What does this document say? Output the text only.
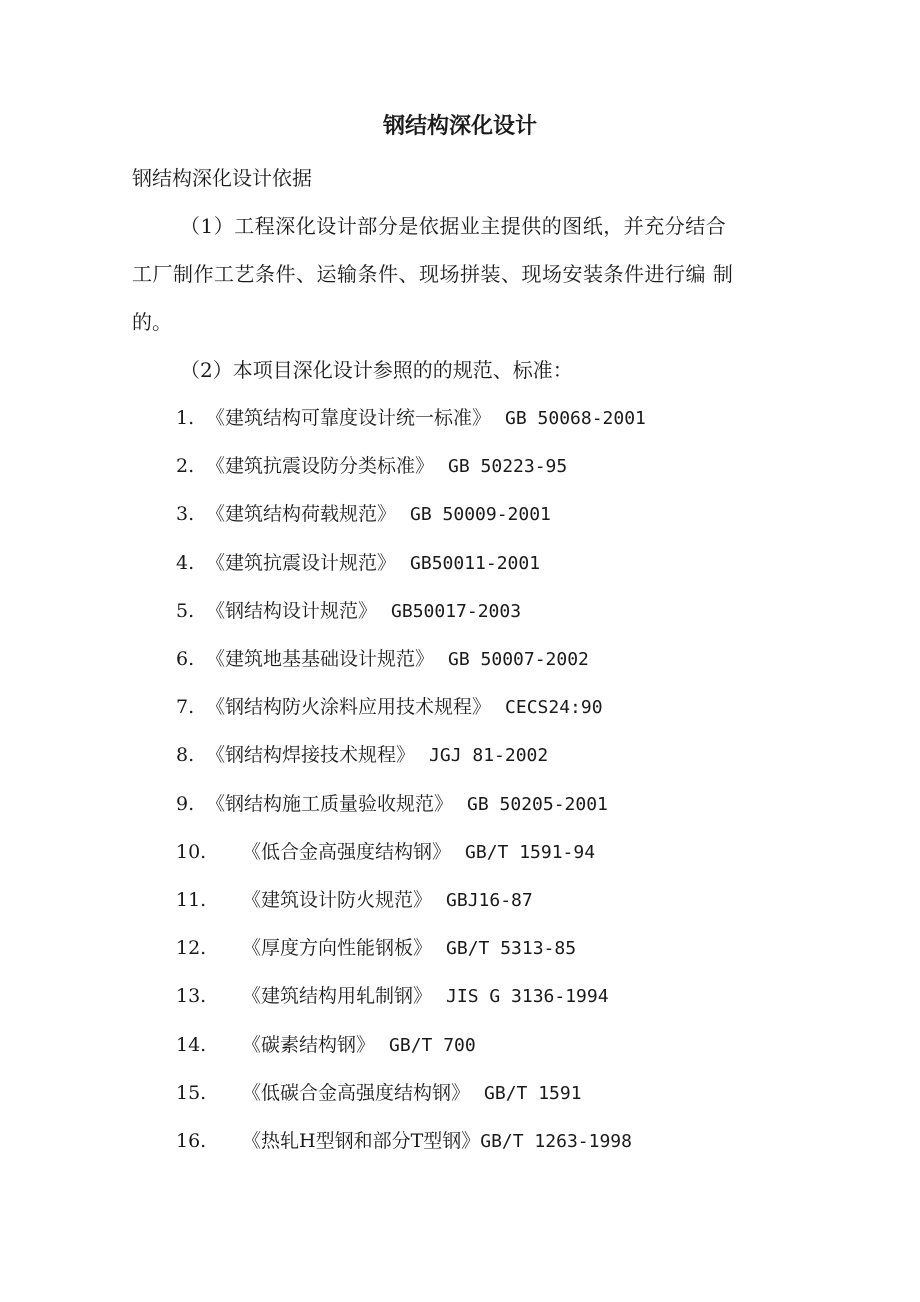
钢结构深化设计
钢结构深化设计依据
（1）工程深化设计部分是依据业主提供的图纸，并充分结合
工厂制作工艺条件、运输条件、现场拼装、现场安装条件进行编 制
的。
（2）本项目深化设计参照的的规范、标准：
1. 《建筑结构可靠度设计统一标准》 GB 50068-2001
2. 《建筑抗震设防分类标准》 GB 50223-95
3. 《建筑结构荷载规范》 GB 50009-2001
4. 《建筑抗震设计规范》 GB50011-2001
5. 《钢结构设计规范》 GB50017-2003
6. 《建筑地基基础设计规范》 GB 50007-2002
7. 《钢结构防火涂料应用技术规程》 CECS24:90
8. 《钢结构焊接技术规程》 JGJ 81-2002
9. 《钢结构施工质量验收规范》 GB 50205-2001
10. 《低合金高强度结构钢》 GB/T 1591-94
11. 《建筑设计防火规范》 GBJ16-87
12. 《厚度方向性能钢板》 GB/T 5313-85
13. 《建筑结构用轧制钢》 JIS G 3136-1994
14. 《碳素结构钢》 GB/T 700
15. 《低碳合金高强度结构钢》 GB/T 1591
16. 《热轧H型钢和部分T型钢》GB/T 1263-1998
